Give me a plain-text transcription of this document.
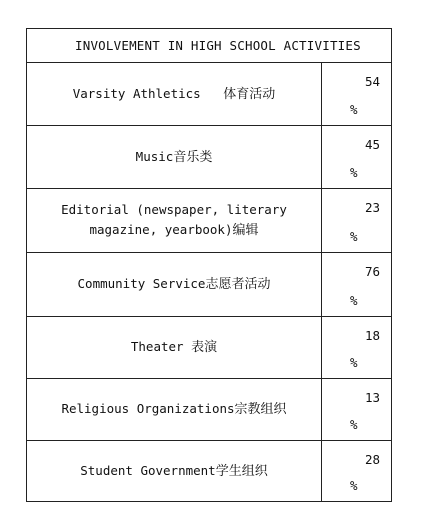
INVOLVEMENT IN HIGH SCHOOL ACTIVITIES	
Varsity Athletics 体育活动	54
%

Music音乐类	45
%

Editorial (newspaper, literary magazine, yearbook)编辑	23
%

Community Service志愿者活动	76
%

Theater 表演	18
%

Religious Organizations宗教组织	13
%

Student Government学生组织	28
%
